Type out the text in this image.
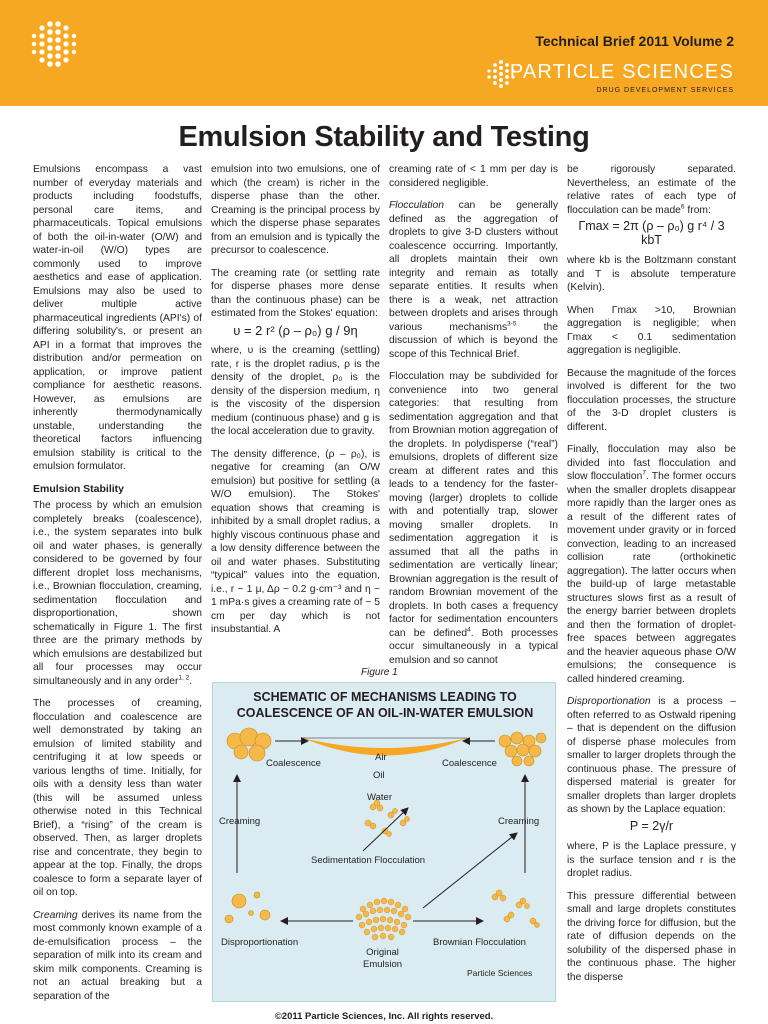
Technical Brief 2011 Volume 2
PARTICLE SCIENCES
DRUG DEVELOPMENT SERVICES
Emulsion Stability and Testing

Emulsions encompass a vast number of everyday materials and products including foodstuffs, personal care items, and pharmaceuticals. Topical emulsions of both the oil-in-water (O/W) and water-in-oil (W/O) types are commonly used to improve aesthetics and ease of application. Emulsions may also be used to deliver multiple active pharmaceutical ingredients (API's) of differing solubility's, or present an API in a format that improves the distribution and/or permeation on application, or improve patient compliance for aesthetic reasons. However, as emulsions are inherently thermodynamically unstable, understanding the theoretical factors influencing emulsion stability is critical to the emulsion formulator.

Emulsion Stability

The process by which an emulsion completely breaks (coalescence), i.e., the system separates into bulk oil and water phases, is generally considered to be governed by four different droplet loss mechanisms, i.e., Brownian flocculation, creaming, sedimentation flocculation and disproportionation, shown schematically in Figure 1. The first three are the primary methods by which emulsions are destabilized but all four processes may occur simultaneously and in any order$^{1, 2}$.

The processes of creaming, flocculation and coalescence are well demonstrated by taking an emulsion of limited stability and centrifuging it at low speeds or various lengths of time. Initially, for oils with a density less than water (this will be assumed unless otherwise noted in this Technical Brief), a “rising” of the cream is observed. Then, as larger droplets rise and concentrate, they begin to appear at the top. Finally, the drops coalesce to form a separate layer of oil on top.

Creaming derives its name from the most commonly known example of a de-emulsification process – the separation of milk into its cream and skim milk components. Creaming is not an actual breaking but a separation of the

emulsion into two emulsions, one of which (the cream) is richer in the disperse phase than the other. Creaming is the principal process by which the disperse phase separates from an emulsion and is typically the precursor to coalescence.

The creaming rate (or settling rate for disperse phases more dense than the continuous phase) can be estimated from the Stokes' equation:

υ = 2 r² (ρ – ρ₀) g / 9η

where, υ is the creaming (settling) rate, r is the droplet radius, ρ is the density of the droplet, ρ₀ is the density of the dispersion medium, η is the viscosity of the dispersion medium (continuous phase) and g is the local acceleration due to gravity.

The density difference, (ρ – ρ₀), is negative for creaming (an O/W emulsion) but positive for settling (a W/O emulsion). The Stokes' equation shows that creaming is inhibited by a small droplet radius, a highly viscous continuous phase and a low density difference between the oil and water phases. Substituting “typical” values into the equation, i.e., r ~ 1 μ, Δρ ~ 0.2 g·cm⁻³ and η ~ 1 mPa·s gives a creaming rate of ~ 5 cm per day which is not insubstantial. A

creaming rate of < 1 mm per day is considered negligible.

Flocculation can be generally defined as the aggregation of droplets to give 3-D clusters without coalescence occurring. Importantly, all droplets maintain their own integrity and remain as totally separate entities. It results when there is a weak, net attraction between droplets and arises through various mechanisms$^{3-5}$ the discussion of which is beyond the scope of this Technical Brief.

Flocculation may be subdivided for convenience into two general categories: that resulting from sedimentation aggregation and that from Brownian motion aggregation of the droplets. In polydisperse (“real”) emulsions, droplets of different size cream at different rates and this leads to a tendency for the faster-moving (larger) droplets to collide with and potentially trap, slower moving smaller droplets. In sedimentation aggregation it is assumed that all the paths in sedimentation are vertically linear; Brownian aggregation is the result of random Brownian movement of the droplets. In both cases a frequency factor for sedimentation encounters can be defined$^4$. Both processes occur simultaneously in a typical emulsion and so cannot

be rigorously separated. Nevertheless, an estimate of the relative rates of each type of flocculation can be made$^6$ from:

Γmax = 2π (ρ – ρ₀) g r⁴ / 3 kbT

where kb is the Boltzmann constant and T is absolute temperature (Kelvin).

When Γmax >10, Brownian aggregation is negligible; when Γmax < 0.1 sedimentation aggregation is negligible.

Because the magnitude of the forces involved is different for the two flocculation processes, the structure of the 3-D droplet clusters is different.

Finally, flocculation may also be divided into fast flocculation and slow flocculation$^7$. The former occurs when the smaller droplets disappear more rapidly than the larger ones as a result of the different rates of movement under gravity or in forced convection, leading to an increased collision rate (orthokinetic aggregation). The latter occurs when the build-up of large metastable structures slows first as a result of the energy barrier between droplets and then the formation of droplet-free spaces between aggregates and the heavier aqueous phase O/W emulsions; the consequence is called hindered creaming.

Disproportionation is a process – often referred to as Ostwald ripening – that is dependent on the diffusion of disperse phase molecules from smaller to larger droplets through the continuous phase. The pressure of dispersed material is greater for smaller droplets than larger droplets as shown by the Laplace equation:

P = 2γ/r

where, P is the Laplace pressure, γ is the surface tension and r is the droplet radius.

This pressure differential between small and large droplets constitutes the driving force for diffusion, but the rate of diffusion depends on the solubility of the dispersed phase in the continuous phase. The higher the disperse

Figure 1
SCHEMATIC OF MECHANISMS LEADING TO
COALESCENCE OF AN OIL-IN-WATER EMULSION
Air
Oil
Water
Coalescence	Coalescence
Creaming	Creaming
Sedimentation Flocculation
Disproportionation	Brownian Flocculation
Original
Emulsion
Particle Sciences
©2011 Particle Sciences, Inc. All rights reserved.
